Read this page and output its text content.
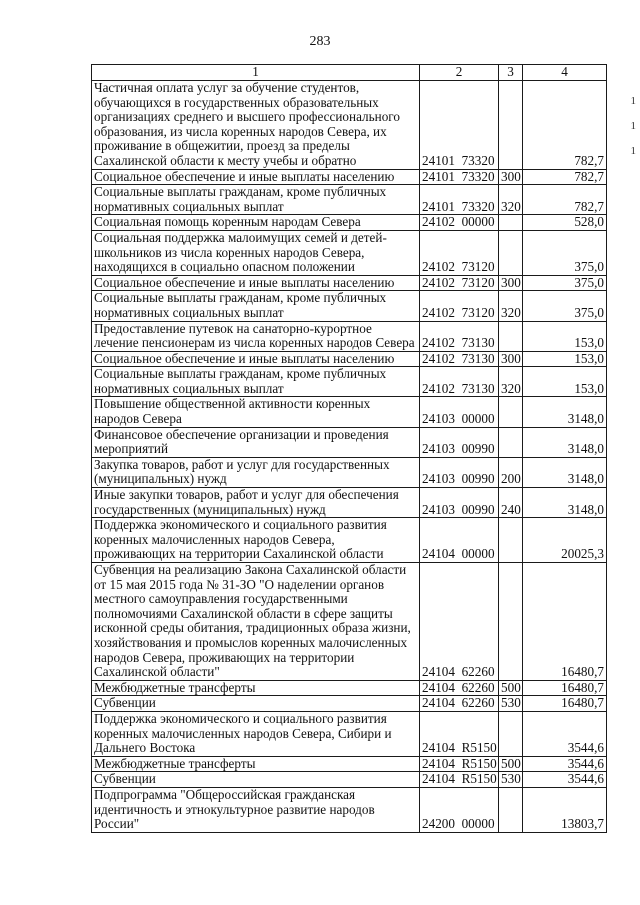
283
1
1
1
1	2	3	4
Частичная оплата услуг за обучение студентов, обучающихся в государственных образовательных организациях среднего и высшего профессионального образования, из числа коренных народов Севера, их проживание в общежитии, проезд за пределы Сахалинской области к месту учебы и обратно	24101  73320		782,7
Социальное обеспечение и иные выплаты населению	24101  73320	300	782,7
Социальные выплаты гражданам, кроме публичных нормативных социальных выплат	24101  73320	320	782,7
Социальная помощь коренным народам Севера	24102  00000		528,0
Социальная поддержка малоимущих семей и детей-школьников из числа коренных народов Севера, находящихся в социально опасном положении	24102  73120		375,0
Социальное обеспечение и иные выплаты населению	24102  73120	300	375,0
Социальные выплаты гражданам, кроме публичных нормативных социальных выплат	24102  73120	320	375,0
Предоставление путевок на санаторно-курортное лечение пенсионерам из числа коренных народов Севера	24102  73130		153,0
Социальное обеспечение и иные выплаты населению	24102  73130	300	153,0
Социальные выплаты гражданам, кроме публичных нормативных социальных выплат	24102  73130	320	153,0
Повышение общественной активности коренных народов Севера	24103  00000		3148,0
Финансовое обеспечение организации и проведения мероприятий	24103  00990		3148,0
Закупка товаров, работ и услуг для государственных (муниципальных) нужд	24103  00990	200	3148,0
Иные закупки товаров, работ и услуг для обеспечения государственных (муниципальных) нужд	24103  00990	240	3148,0
Поддержка экономического и социального развития коренных малочисленных народов Севера, проживающих на территории Сахалинской области	24104  00000		20025,3
Субвенция на реализацию Закона Сахалинской области от 15 мая 2015 года № 31-ЗО "О наделении органов местного самоуправления государственными полномочиями Сахалинской области в сфере защиты исконной среды обитания, традиционных образа жизни, хозяйствования и промыслов коренных малочисленных народов Севера, проживающих на территории Сахалинской области"	24104  62260		16480,7
Межбюджетные трансферты	24104  62260	500	16480,7
Субвенции	24104  62260	530	16480,7
Поддержка экономического и социального развития коренных малочисленных народов Севера, Сибири и Дальнего Востока	24104  R5150		3544,6
Межбюджетные трансферты	24104  R5150	500	3544,6
Субвенции	24104  R5150	530	3544,6
Подпрограмма "Общероссийская гражданская идентичность и этнокультурное развитие народов России"	24200  00000		13803,7
